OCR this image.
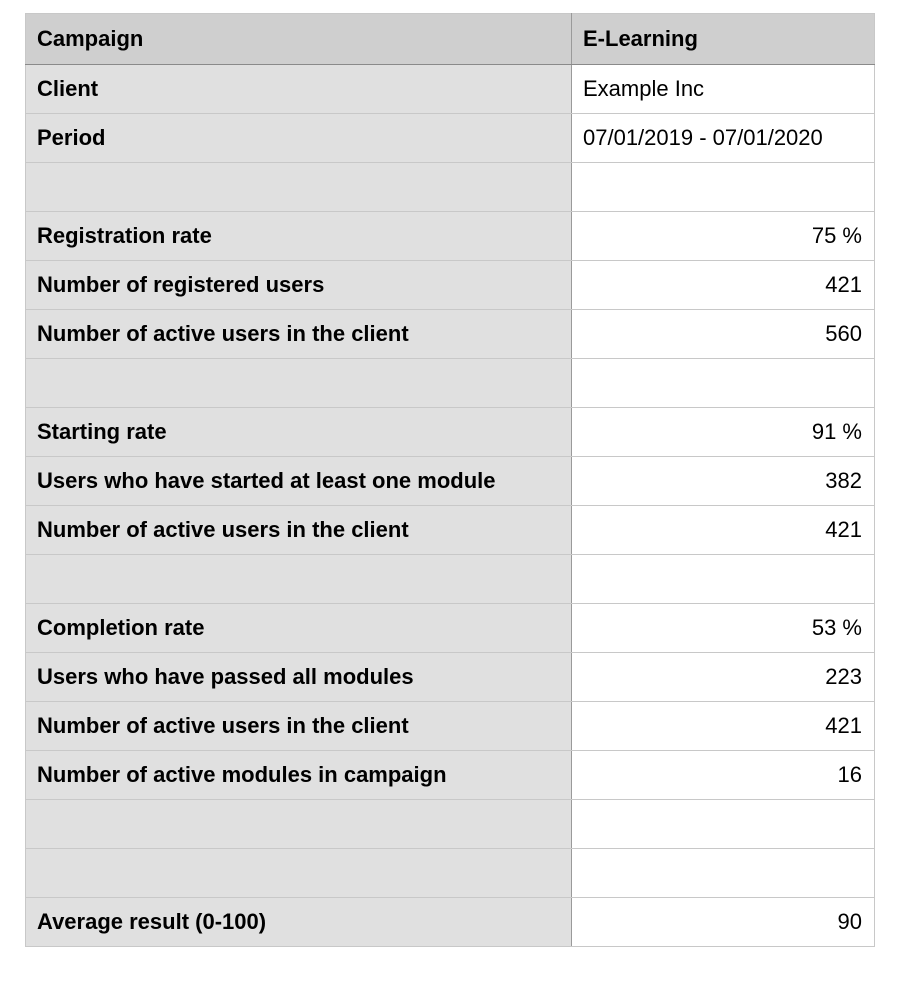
Campaign	E-Learning
Client	Example Inc
Period	07/01/2019 - 07/01/2020

Registration rate	75 %
Number of registered users	421
Number of active users in the client	560

Starting rate	91 %
Users who have started at least one module	382
Number of active users in the client	421

Completion rate	53 %
Users who have passed all modules	223
Number of active users in the client	421
Number of active modules in campaign	16

Average result (0-100)	90
